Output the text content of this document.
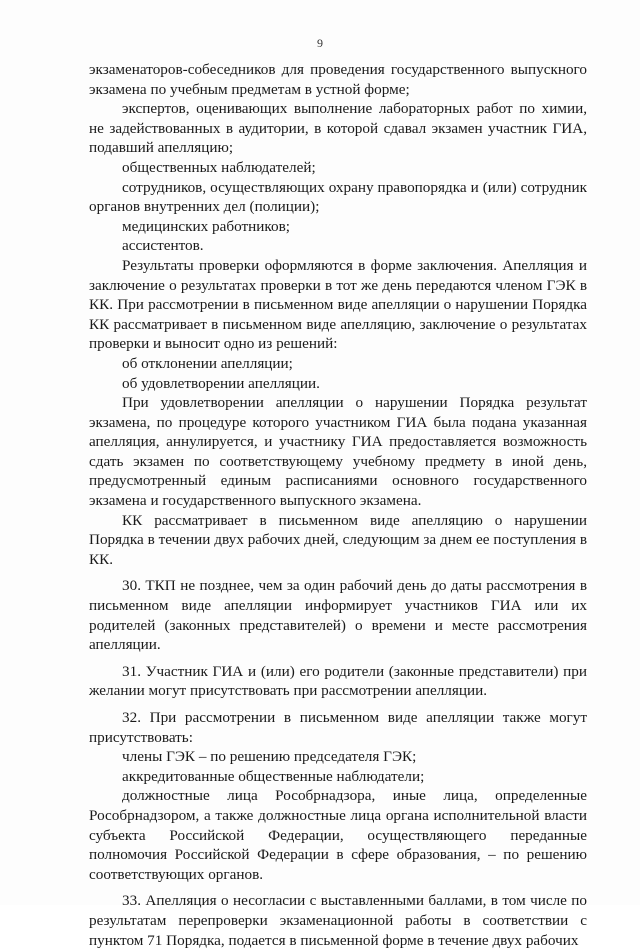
9

экзаменаторов-собеседников для проведения государственного выпускного экзамена по учебным предметам в устной форме;

экспертов, оценивающих выполнение лабораторных работ по химии, не задействованных в аудитории, в которой сдавал экзамен участник ГИА, подавший апелляцию;

общественных наблюдателей;

сотрудников, осуществляющих охрану правопорядка и (или) сотрудник органов внутренних дел (полиции);

медицинских работников;

ассистентов.

Результаты проверки оформляются в форме заключения. Апелляция и заключение о результатах проверки в тот же день передаются членом ГЭК в КК. При рассмотрении в письменном виде апелляции о нарушении Порядка КК рассматривает в письменном виде апелляцию, заключение о результатах проверки и выносит одно из решений:

об отклонении апелляции;

об удовлетворении апелляции.

При удовлетворении апелляции о нарушении Порядка результат экзамена, по процедуре которого участником ГИА была подана указанная апелляция, аннулируется, и участнику ГИА предоставляется возможность сдать экзамен по соответствующему учебному предмету в иной день, предусмотренный единым расписаниями основного государственного экзамена и государственного выпускного экзамена.

КК рассматривает в письменном виде апелляцию о нарушении Порядка в течении двух рабочих дней, следующим за днем ее поступления в КК.

30. ТКП не позднее, чем за один рабочий день до даты рассмотрения в письменном виде апелляции информирует участников ГИА или их родителей (законных представителей) о времени и месте рассмотрения апелляции.

31. Участник ГИА и (или) его родители (законные представители) при желании могут присутствовать при рассмотрении апелляции.

32. При рассмотрении в письменном виде апелляции также могут присутствовать:

члены ГЭК – по решению председателя ГЭК;

аккредитованные общественные наблюдатели;

должностные лица Рособрнадзора, иные лица, определенные Рособрнадзором, а также должностные лица органа исполнительной власти субъекта Российской Федерации, осуществляющего переданные полномочия Российской Федерации в сфере образования, – по решению соответствующих органов.

33. Апелляция о несогласии с выставленными баллами, в том числе по результатам перепроверки экзаменационной работы в соответствии с пунктом 71 Порядка, подается в письменной форме в течение двух рабочих
